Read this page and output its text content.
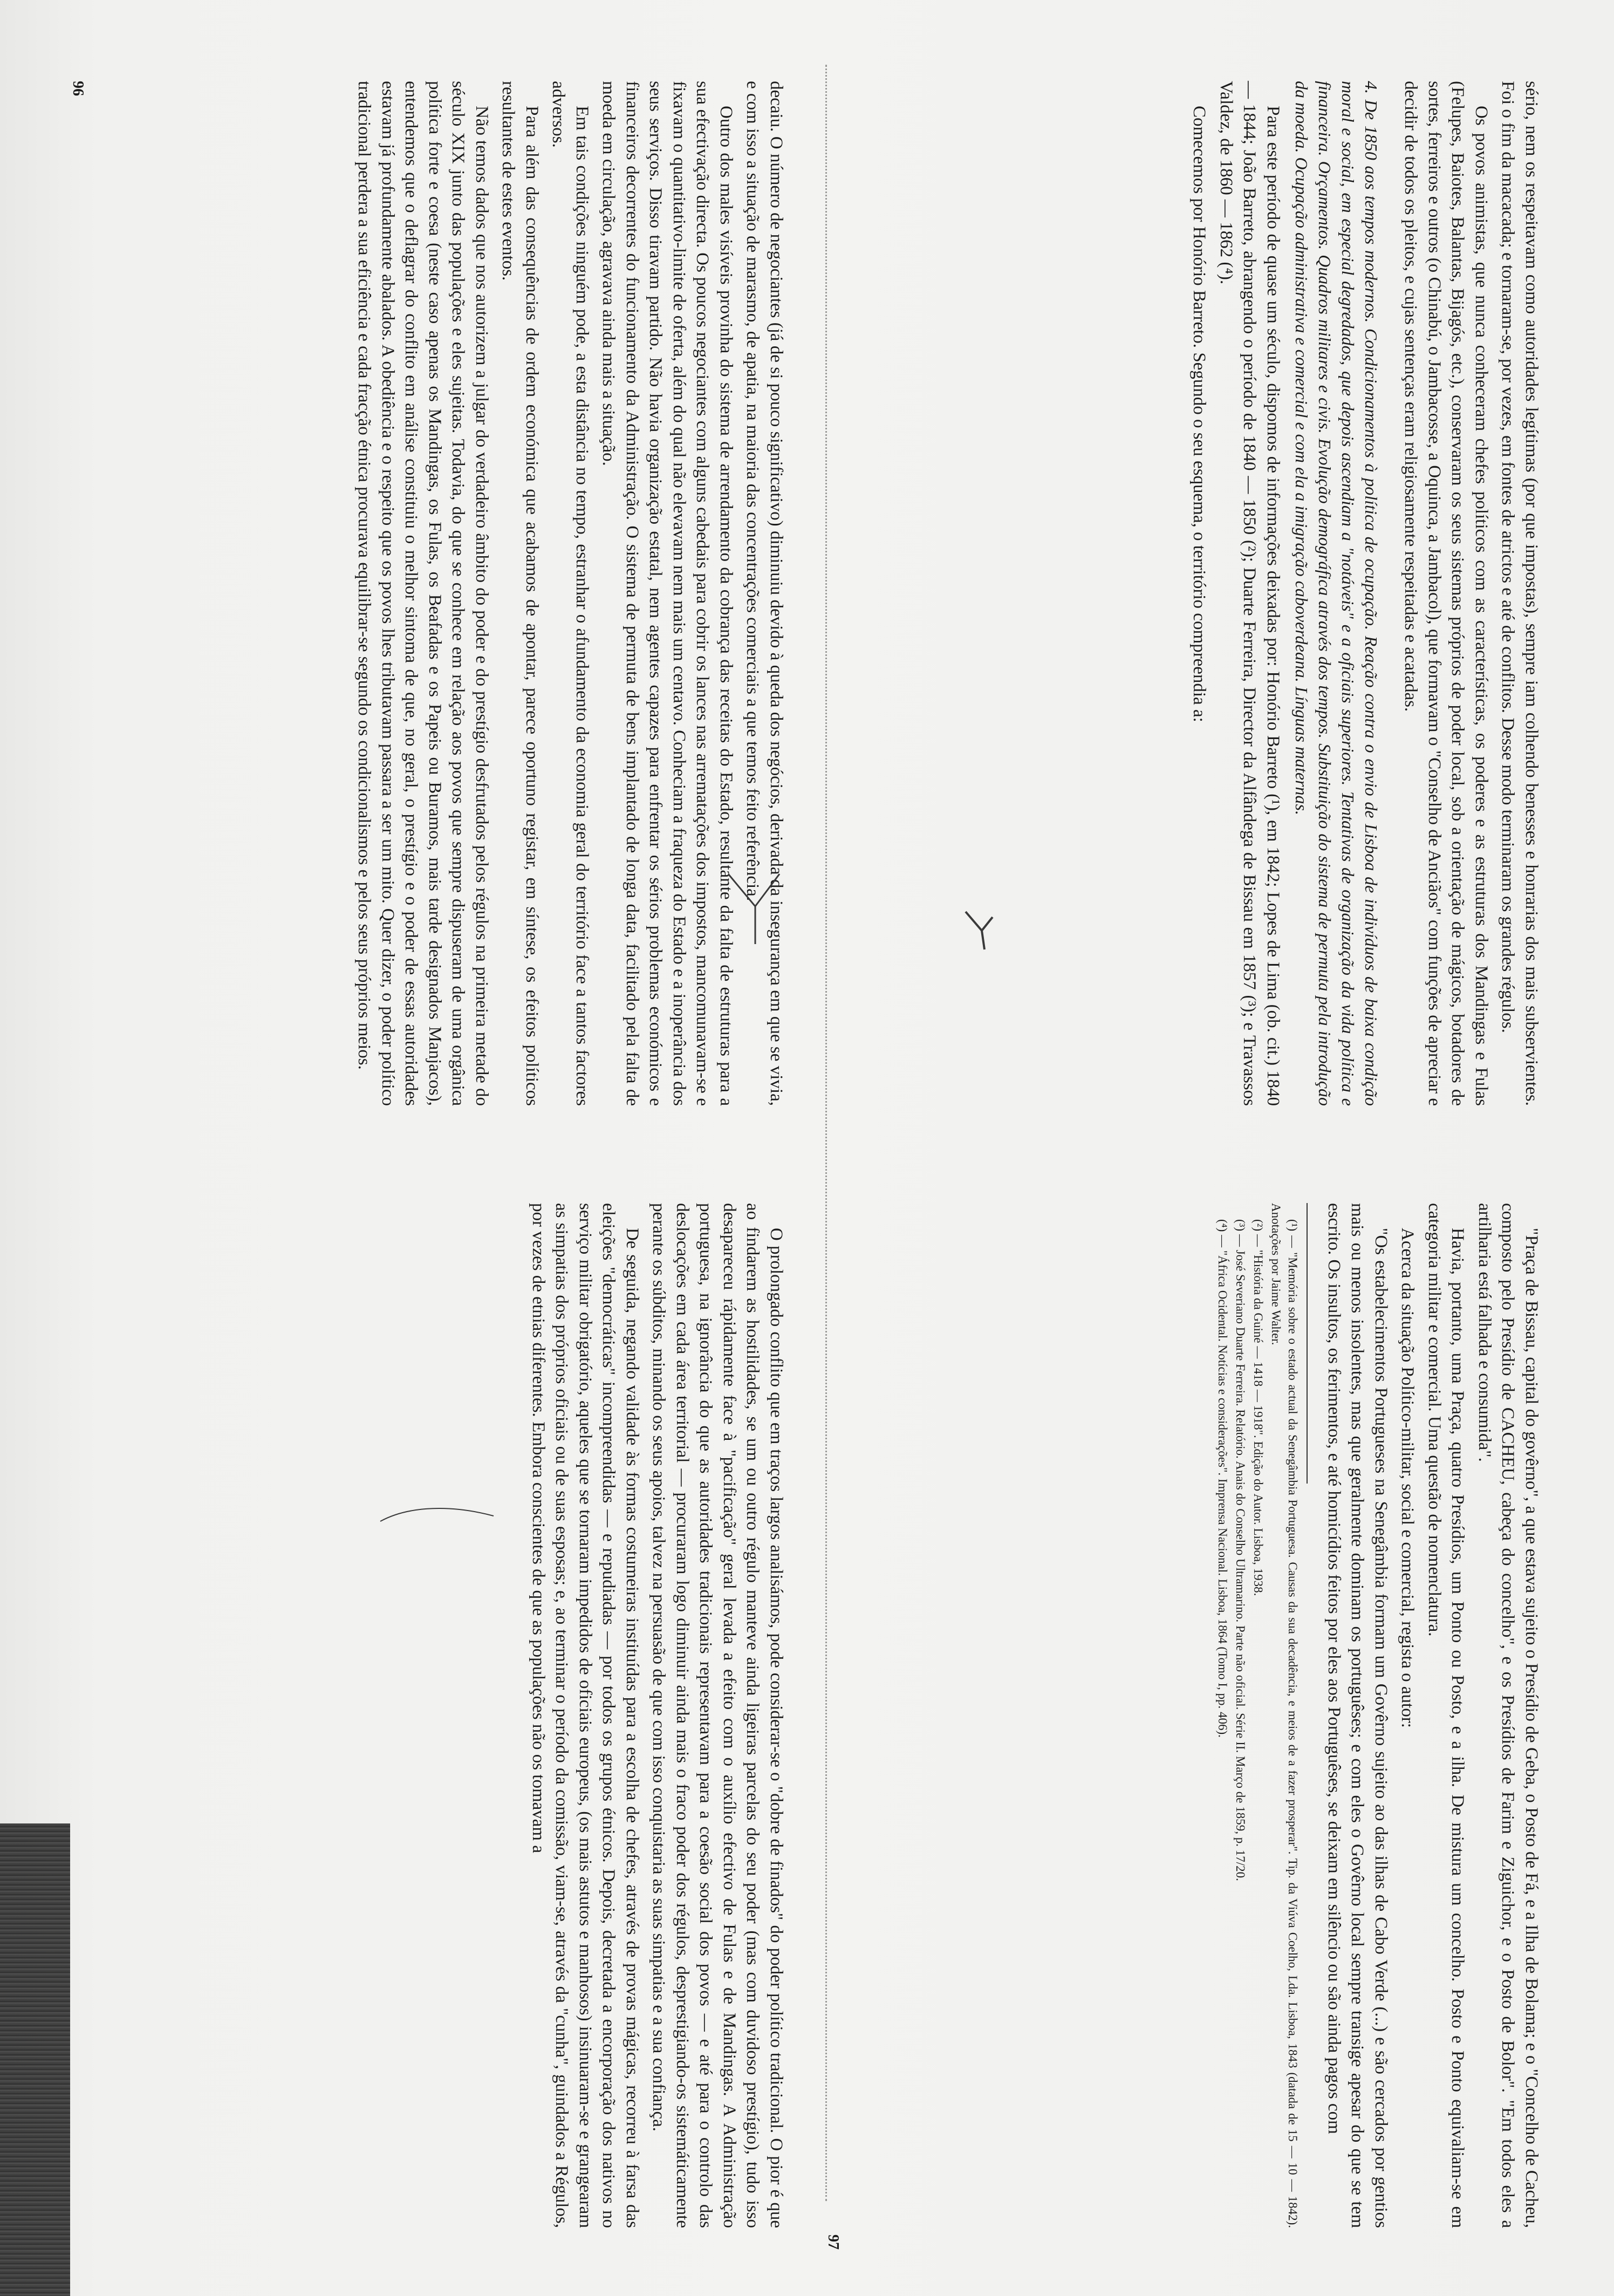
sério, nem os respeitavam como autoridades legítimas (por que impostas), sempre iam colhendo benesses e honrarias dos mais subservientes. Foi o fim da macacada; e tornaram-se, por vezes, em fontes de atrictos e até de conflitos. Desse modo terminaram os grandes régulos.

Os povos animistas, que nunca conheceram chefes políticos com as características, os poderes e as estruturas dos Mandingas e Fulas (Felupes, Baiotes, Balantas, Bijagós, etc.), conservaram os seus sistemas próprios de poder local, sob a orientação de mágicos, botadores de sortes, ferreiros e outros (o Chinabú, o Jambacosse, a Oquinca, a Jambacol), que formavam o "Conselho de Anciãos" com funções de apreciar e decidir de todos os pleitos, e cujas sentenças eram religiosamente respeitadas e acatadas.

4. De 1850 aos tempos modernos. Condicionamentos à política de ocupação. Reação contra o envio de Lisboa de indivíduos de baixa condição moral e social, em especial degredados, que depois ascendiam a "notáveis" e a oficiais superiores. Tentativas de organização da vida política e financeira. Orçamentos. Quadros militares e civis. Evolução demográfica através dos tempos. Substituição do sistema de permuta pela introdução da moeda. Ocupação administrativa e comercial e com ela a imigração caboverdeana. Línguas maternas.

Para este período de quase um século, dispomos de informações deixadas por: Honório Barreto (¹), em 1842; Lopes de Lima (ob. cit.) 1840 — 1844; João Barreto, abrangendo o período de 1840 — 1850 (²); Duarte Ferreira, Director da Alfândega de Bissau em 1857 (³); e Travassos Valdez, de 1860 — 1862 (⁴).

Comecemos por Honório Barreto. Segundo o seu esquema, o território compreendia a:

"Praça de Bissau, capital do govêrno", a que estava sujeito o Presídio de Geba, o Posto de Fá, e a Ilha de Bolama; e o "Concelho de Cacheu, composto pelo Presídio de CACHEU, cabeça do concelho", e os Presídios de Farim e Ziguichor, e o Posto de Bolor". "Em todos eles a artilharia está falhada e consumida".

Havia, portanto, uma Praça, quatro Presídios, um Ponto ou Posto, e a ilha. De mistura um concelho. Posto e Ponto equivaliam-se em categoria militar e comercial. Uma questão de nomenclatura.

Acerca da situação Político-militar, social e comercial, regista o autor:

"Os estabelecimentos Portugueses na Senegâmbia formam um Govêrno sujeito ao das ilhas de Cabo Verde (...) e são cercados por gentios mais ou menos insolentes, mas que geralmente dominam os portuguêses; e com eles o Govêrno local sempre transige apesar do que se tem escrito. Os insultos, os ferimentos, e até homicídios feitos por eles aos Portuguêses, se deixam em silêncio ou são ainda pagos com

(¹) — "Memória sobre o estado actual da Senegâmbia Portuguesa. Causas da sua decadência, e meios de a fazer prosperar". Tip. da Viúva Coelho, Lda. Lisboa, 1843 (datada de 15 — 10 — 1842). Anotações por Jaime Walter.

(²) — "História da Guiné — 1418 — 1918". Edição do Autor. Lisboa, 1938.

(³) — José Severiano Duarte Ferreira. Relatório. Anais do Conselho Ultramarino. Parte não oficial. Série II. Março de 1859, p. 17/20.

(⁴) — "África Ocidental. Notícias e considerações". Imprensa Nacional. Lisboa, 1864 (Tomo I, pp. 406).

97

decaiu. O número de negociantes (já de si pouco significativo) diminuiu devido à queda dos negócios, derivada da insegurança em que se vivia, e com isso a situação de marasmo, de apatia, na maioria das concentrações comerciais a que temos feito referência.

Outro dos males visíveis provinha do sistema de arrendamento da cobrança das receitas do Estado, resultante da falta de estruturas para a sua efectivação directa. Os poucos negociantes com alguns cabedais para cobrir os lances nas arrematações dos impostos, mancomunavam-se e fixavam o quantitativo-limite de oferta, além do qual não elevavam nem mais um centavo. Conheciam a fraqueza do Estado e a inoperância dos seus serviços. Disso tiravam partido. Não havia organização estatal, nem agentes capazes para enfrentar os sérios problemas económicos e financeiros decorrentes do funcionamento da Administração. O sistema de permuta de bens implantado de longa data, facilitado pela falta de moeda em circulação, agravava ainda mais a situação.

Em tais condições ninguém pode, a esta distância no tempo, estranhar o afundamento da economia geral do território face a tantos factores adversos.

Para além das consequências de ordem económica que acabamos de apontar, parece oportuno registar, em síntese, os efeitos políticos resultantes de estes eventos.

Não temos dados que nos autorizem a julgar do verdadeiro âmbito do poder e do prestígio desfrutados pelos régulos na primeira metade do século XIX junto das populações e eles sujeitas. Todavia, do que se conhece em relação aos povos que sempre dispuseram de uma orgânica política forte e coesa (neste caso apenas os Mandingas, os Fulas, os Beafadas e os Papeis ou Buramos, mais tarde designados Manjacos), entendemos que o deflagrar do conflito em análise constituiu o melhor sintoma de que, no geral, o prestígio e o poder de essas autoridades estavam já profundamente abalados. A obediência e o respeito que os povos lhes tributavam passara a ser um mito. Quer dizer, o poder político tradicional perdera a sua eficiência e cada fracção étnica procurava equilibrar-se segundo os condicionalismos e pelos seus próprios meios.

O prolongado conflito que em traços largos analisámos, pode considerar-se o "dobre de finados" do poder político tradicional. O pior é que ao findarem as hostilidades, se um ou outro régulo manteve ainda ligeiras parcelas do seu poder (mas com duvidoso prestígio), tudo isso desapareceu rápidamente face à "pacificação" geral levada a efeito com o auxílio efectivo de Fulas e de Mandingas. A Administração portuguesa, na ignorância do que as autoridades tradicionais representavam para a coesão social dos povos — e até para o controlo das deslocações em cada área territorial — procuraram logo diminuir ainda mais o fraco poder dos régulos, desprestigiando-os sistemáticamente perante os súbditos, minando os seus apoios, talvez na persuasão de que com isso conquistaria as suas simpatias e a sua confiança.

De seguida, negando validade às formas costumeiras instituídas para a escolha de chefes, através de provas mágicas, recorreu à farsa das eleições "democráticas" incompreendidas — e repudiadas — por todos os grupos étnicos. Depois, decretada a encorporação dos nativos no serviço militar obrigatório, aqueles que se tornaram impedidos de oficiais europeus, (os mais astutos e manhosos) insinuaram-se e grangearam as simpatias dos próprios oficiais ou de suas esposas; e, ao terminar o período da comissão, viam-se, através da "cunha", guindados a Régulos, por vezes de etnias diferentes. Embora conscientes de que as populações não os tomavam a

96
